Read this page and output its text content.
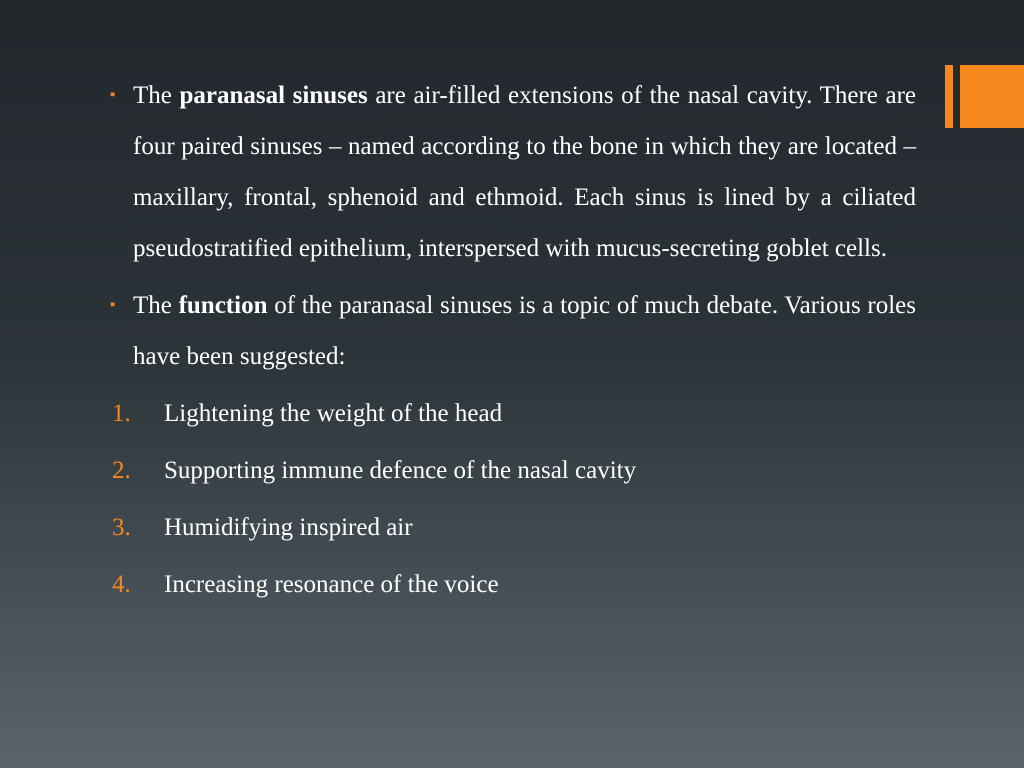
▪ The paranasal sinuses are air-filled extensions of the nasal cavity. There are four paired sinuses – named according to the bone in which they are located – maxillary, frontal, sphenoid and ethmoid. Each sinus is lined by a ciliated pseudostratified epithelium, interspersed with mucus-secreting goblet cells.
▪ The function of the paranasal sinuses is a topic of much debate. Various roles have been suggested:
1. Lightening the weight of the head
2. Supporting immune defence of the nasal cavity
3. Humidifying inspired air
4. Increasing resonance of the voice
